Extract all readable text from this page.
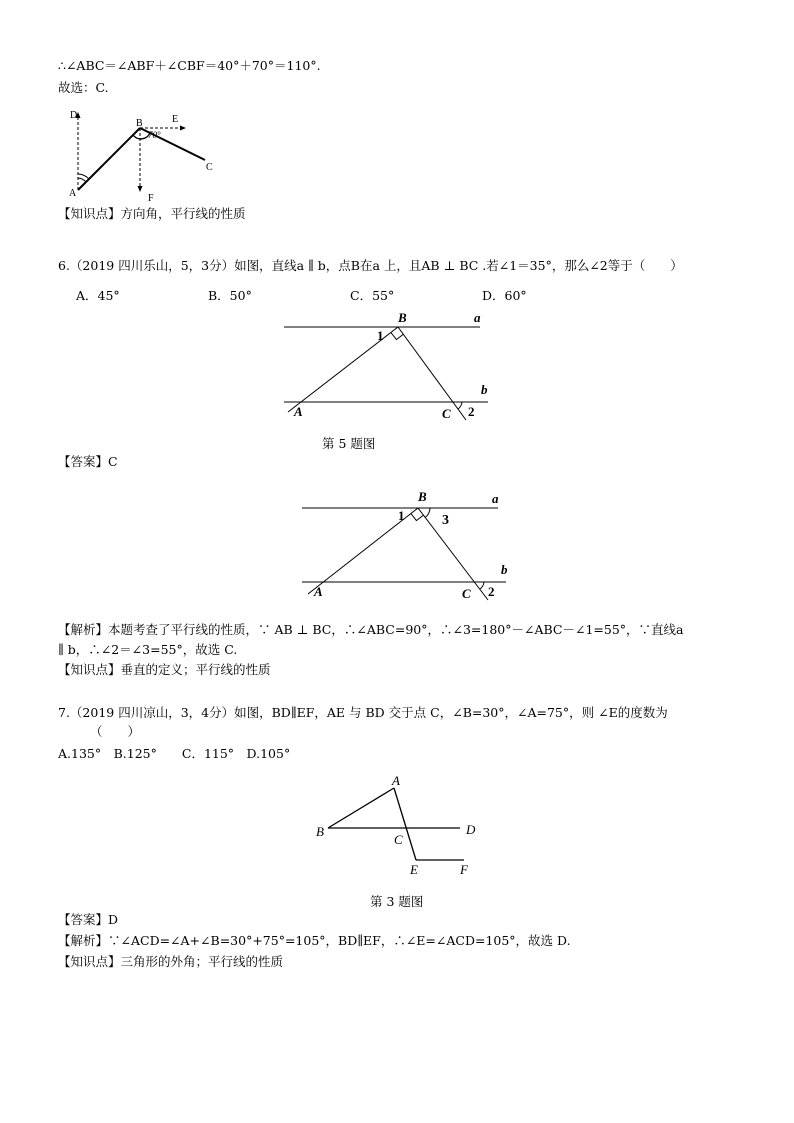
∴∠ABC＝∠ABF＋∠CBF＝40°＋70°＝110°.
故选：C.
D
B
70°
E
C
A	F
【知识点】方向角，平行线的性质
6.（2019 四川乐山，5，3分）如图，直线a ∥ b，点B在a 上，且AB ⊥ BC .若∠1＝35°，那么∠2等于（　　）
A．45°	B．50°	C．55°	D．60°
B	a
1
b
A	C 2
第 5 题图
【答案】C
B	a
1	3
b
A	C 2
【解析】本题考查了平行线的性质，∵ AB ⊥ BC，∴∠ABC=90°，∴∠3=180°－∠ABC－∠1=55°，∵直线a
∥ b，∴∠2＝∠3=55°，故选 C.
【知识点】垂直的定义；平行线的性质
7.（2019 四川凉山，3，4分）如图，BD∥EF，AE 与 BD 交于点 C，∠B=30°，∠A=75°，则 ∠E的度数为
（　　）
A.135°　B.125°　　C．115°　D.105°
A
B
C
D
E	F
第 3 题图
【答案】D
【解析】∵∠ACD=∠A+∠B=30°+75°=105°，BD∥EF，∴∠E=∠ACD=105°，故选 D.
【知识点】三角形的外角；平行线的性质
